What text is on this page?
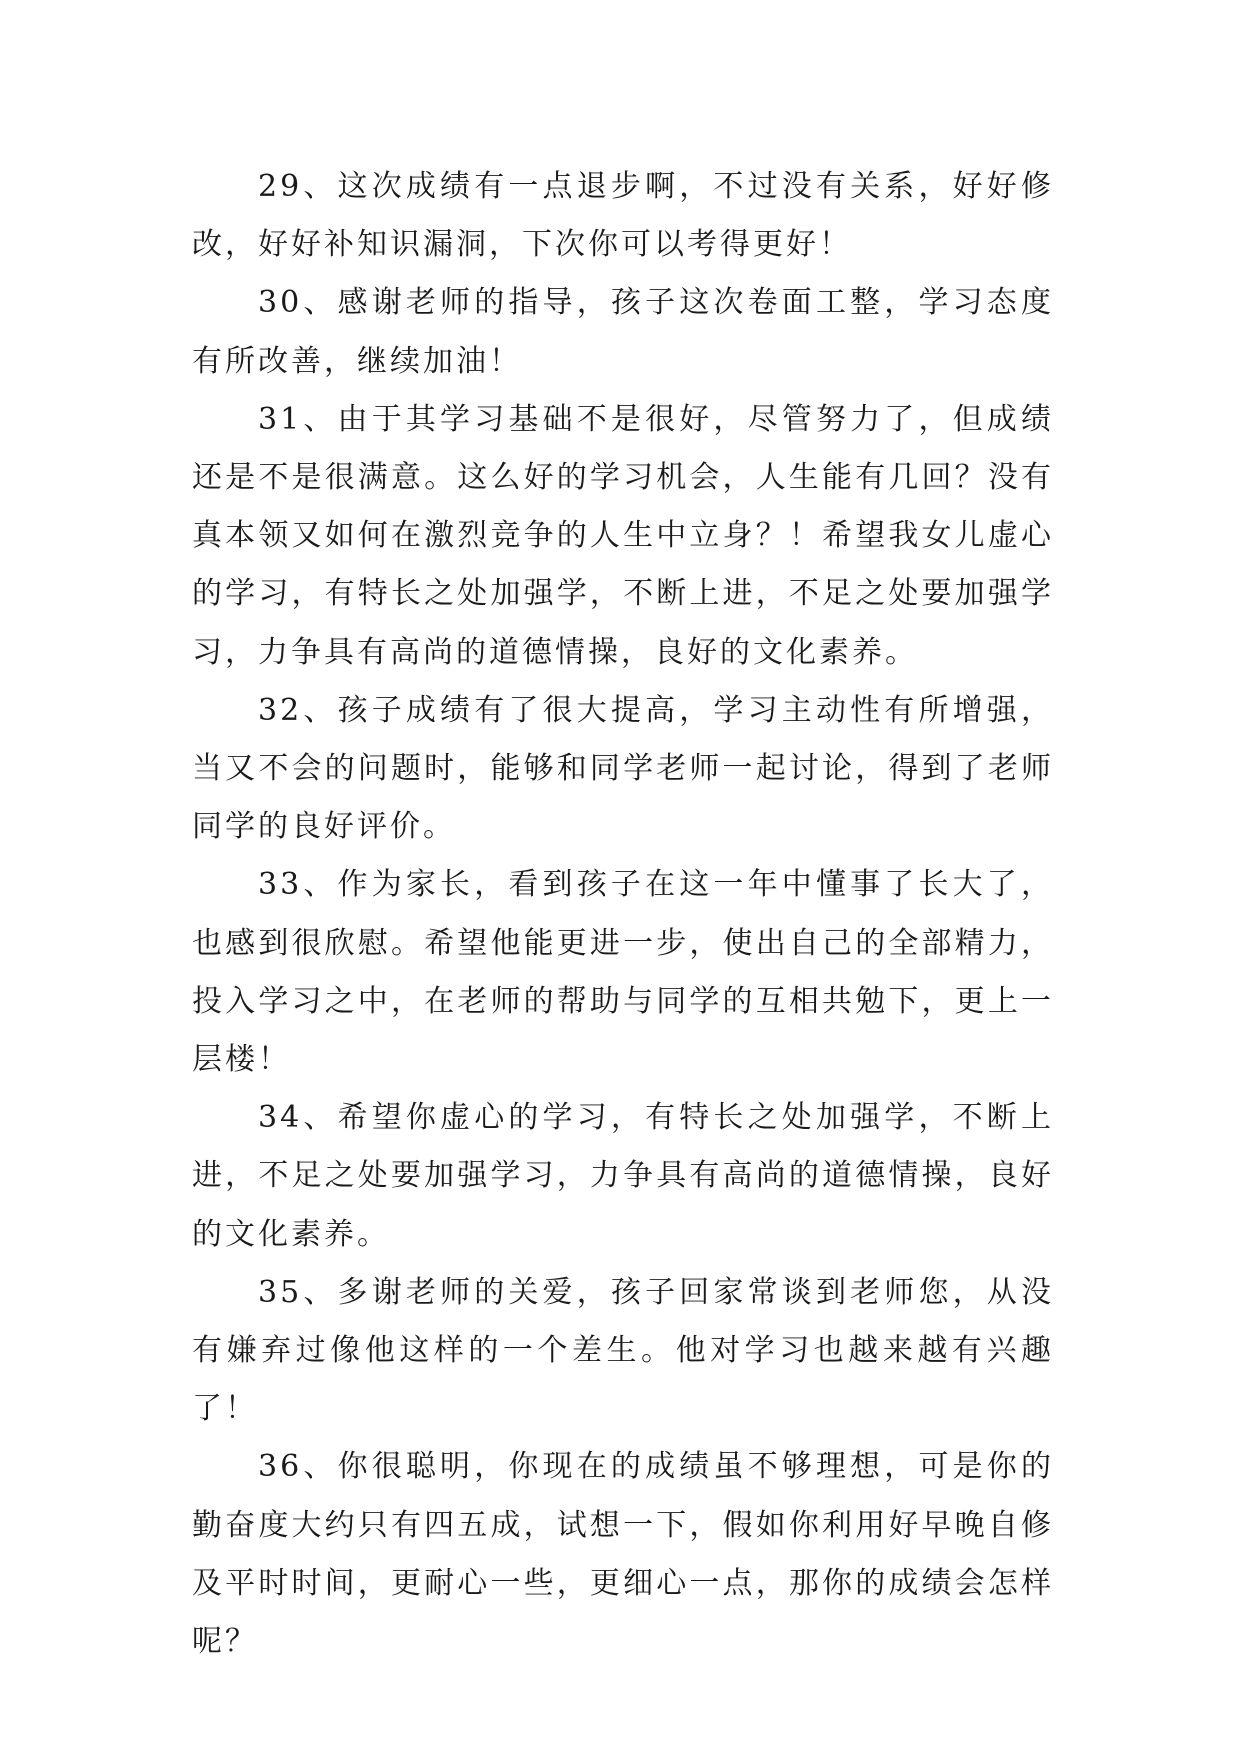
29、这次成绩有一点退步啊，不过没有关系，好好修改，好好补知识漏洞，下次你可以考得更好！

30、感谢老师的指导，孩子这次卷面工整，学习态度有所改善，继续加油！

31、由于其学习基础不是很好，尽管努力了，但成绩还是不是很满意。这么好的学习机会，人生能有几回？没有真本领又如何在激烈竞争的人生中立身？！希望我女儿虚心的学习，有特长之处加强学，不断上进，不足之处要加强学习，力争具有高尚的道德情操，良好的文化素养。

32、孩子成绩有了很大提高，学习主动性有所增强，当又不会的问题时，能够和同学老师一起讨论，得到了老师同学的良好评价。

33、作为家长，看到孩子在这一年中懂事了长大了，也感到很欣慰。希望他能更进一步，使出自己的全部精力，投入学习之中，在老师的帮助与同学的互相共勉下，更上一层楼！

34、希望你虚心的学习，有特长之处加强学，不断上进，不足之处要加强学习，力争具有高尚的道德情操，良好的文化素养。

35、多谢老师的关爱，孩子回家常谈到老师您，从没有嫌弃过像他这样的一个差生。他对学习也越来越有兴趣了！

36、你很聪明，你现在的成绩虽不够理想，可是你的勤奋度大约只有四五成，试想一下，假如你利用好早晚自修及平时时间，更耐心一些，更细心一点，那你的成绩会怎样呢？
